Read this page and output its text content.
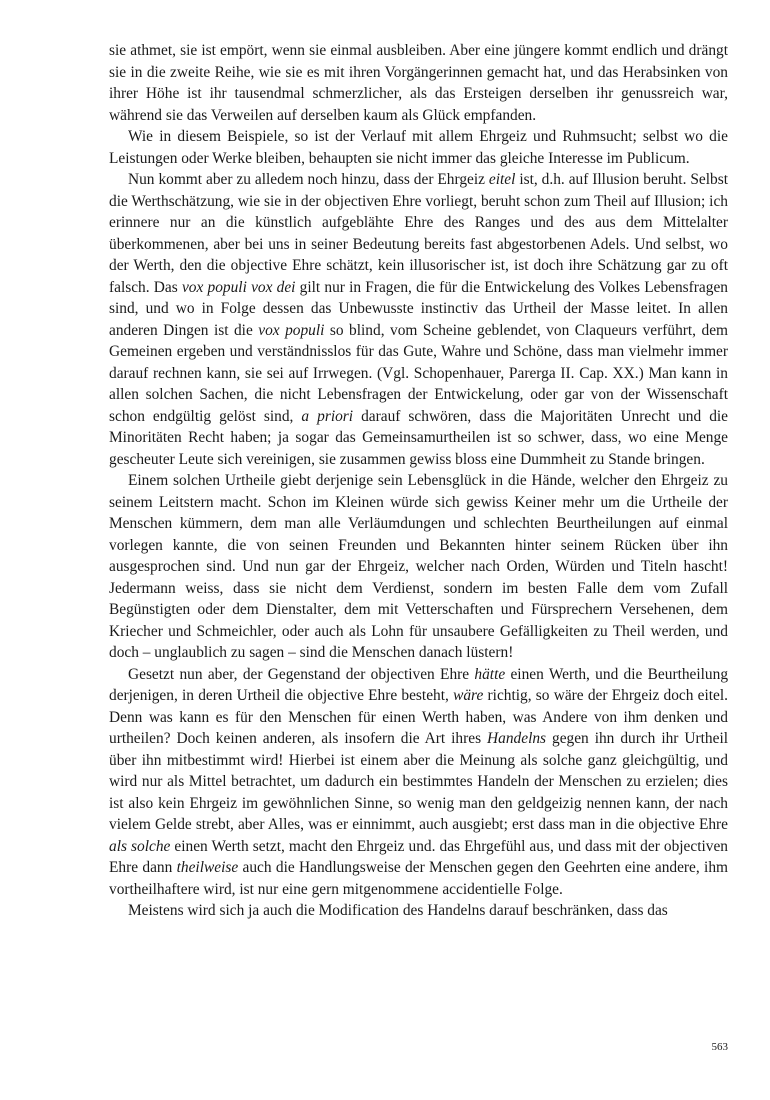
sie athmet, sie ist empört, wenn sie einmal ausbleiben. Aber eine jüngere kommt endlich und drängt sie in die zweite Reihe, wie sie es mit ihren Vorgängerinnen gemacht hat, und das Herabsinken von ihrer Höhe ist ihr tausendmal schmerzlicher, als das Ersteigen derselben ihr genussreich war, während sie das Verweilen auf derselben kaum als Glück empfanden.

Wie in diesem Beispiele, so ist der Verlauf mit allem Ehrgeiz und Ruhmsucht; selbst wo die Leistungen oder Werke bleiben, behaupten sie nicht immer das gleiche Interesse im Publicum.

Nun kommt aber zu alledem noch hinzu, dass der Ehrgeiz eitel ist, d.h. auf Illusion beruht. Selbst die Werthschätzung, wie sie in der objectiven Ehre vorliegt, beruht schon zum Theil auf Illusion; ich erinnere nur an die künstlich aufgeblähte Ehre des Ranges und des aus dem Mittelalter überkommenen, aber bei uns in seiner Bedeutung bereits fast abgestorbenen Adels. Und selbst, wo der Werth, den die objective Ehre schätzt, kein illusorischer ist, ist doch ihre Schätzung gar zu oft falsch. Das vox populi vox dei gilt nur in Fragen, die für die Entwickelung des Volkes Lebensfragen sind, und wo in Folge dessen das Unbewusste instinctiv das Urtheil der Masse leitet. In allen anderen Dingen ist die vox populi so blind, vom Scheine geblendet, von Claqueurs verführt, dem Gemeinen ergeben und verständnisslos für das Gute, Wahre und Schöne, dass man vielmehr immer darauf rechnen kann, sie sei auf Irrwegen. (Vgl. Schopenhauer, Parerga II. Cap. XX.) Man kann in allen solchen Sachen, die nicht Lebensfragen der Entwickelung, oder gar von der Wissenschaft schon endgültig gelöst sind, a priori darauf schwören, dass die Majoritäten Unrecht und die Minoritäten Recht haben; ja sogar das Gemeinsamurtheilen ist so schwer, dass, wo eine Menge gescheuter Leute sich vereinigen, sie zusammen gewiss bloss eine Dummheit zu Stande bringen.

Einem solchen Urtheile giebt derjenige sein Lebensglück in die Hände, welcher den Ehrgeiz zu seinem Leitstern macht. Schon im Kleinen würde sich gewiss Keiner mehr um die Urtheile der Menschen kümmern, dem man alle Verläumdungen und schlechten Beurtheilungen auf einmal vorlegen kannte, die von seinen Freunden und Bekannten hinter seinem Rücken über ihn ausgesprochen sind. Und nun gar der Ehrgeiz, welcher nach Orden, Würden und Titeln hascht! Jedermann weiss, dass sie nicht dem Verdienst, sondern im besten Falle dem vom Zufall Begünstigten oder dem Dienstalter, dem mit Vetterschaften und Fürsprechern Versehenen, dem Kriecher und Schmeichler, oder auch als Lohn für unsaubere Gefälligkeiten zu Theil werden, und doch – unglaublich zu sagen – sind die Menschen danach lüstern!

Gesetzt nun aber, der Gegenstand der objectiven Ehre hätte einen Werth, und die Beurtheilung derjenigen, in deren Urtheil die objective Ehre besteht, wäre richtig, so wäre der Ehrgeiz doch eitel. Denn was kann es für den Menschen für einen Werth haben, was Andere von ihm denken und urtheilen? Doch keinen anderen, als insofern die Art ihres Handelns gegen ihn durch ihr Urtheil über ihn mitbestimmt wird! Hierbei ist einem aber die Meinung als solche ganz gleichgültig, und wird nur als Mittel betrachtet, um dadurch ein bestimmtes Handeln der Menschen zu erzielen; dies ist also kein Ehrgeiz im gewöhnlichen Sinne, so wenig man den geldgeizig nennen kann, der nach vielem Gelde strebt, aber Alles, was er einnimmt, auch ausgiebt; erst dass man in die objective Ehre als solche einen Werth setzt, macht den Ehrgeiz und. das Ehrgefühl aus, und dass mit der objectiven Ehre dann theilweise auch die Handlungsweise der Menschen gegen den Geehrten eine andere, ihm vortheilhaftere wird, ist nur eine gern mitgenommene accidentielle Folge.

Meistens wird sich ja auch die Modification des Handelns darauf beschränken, dass das

563
